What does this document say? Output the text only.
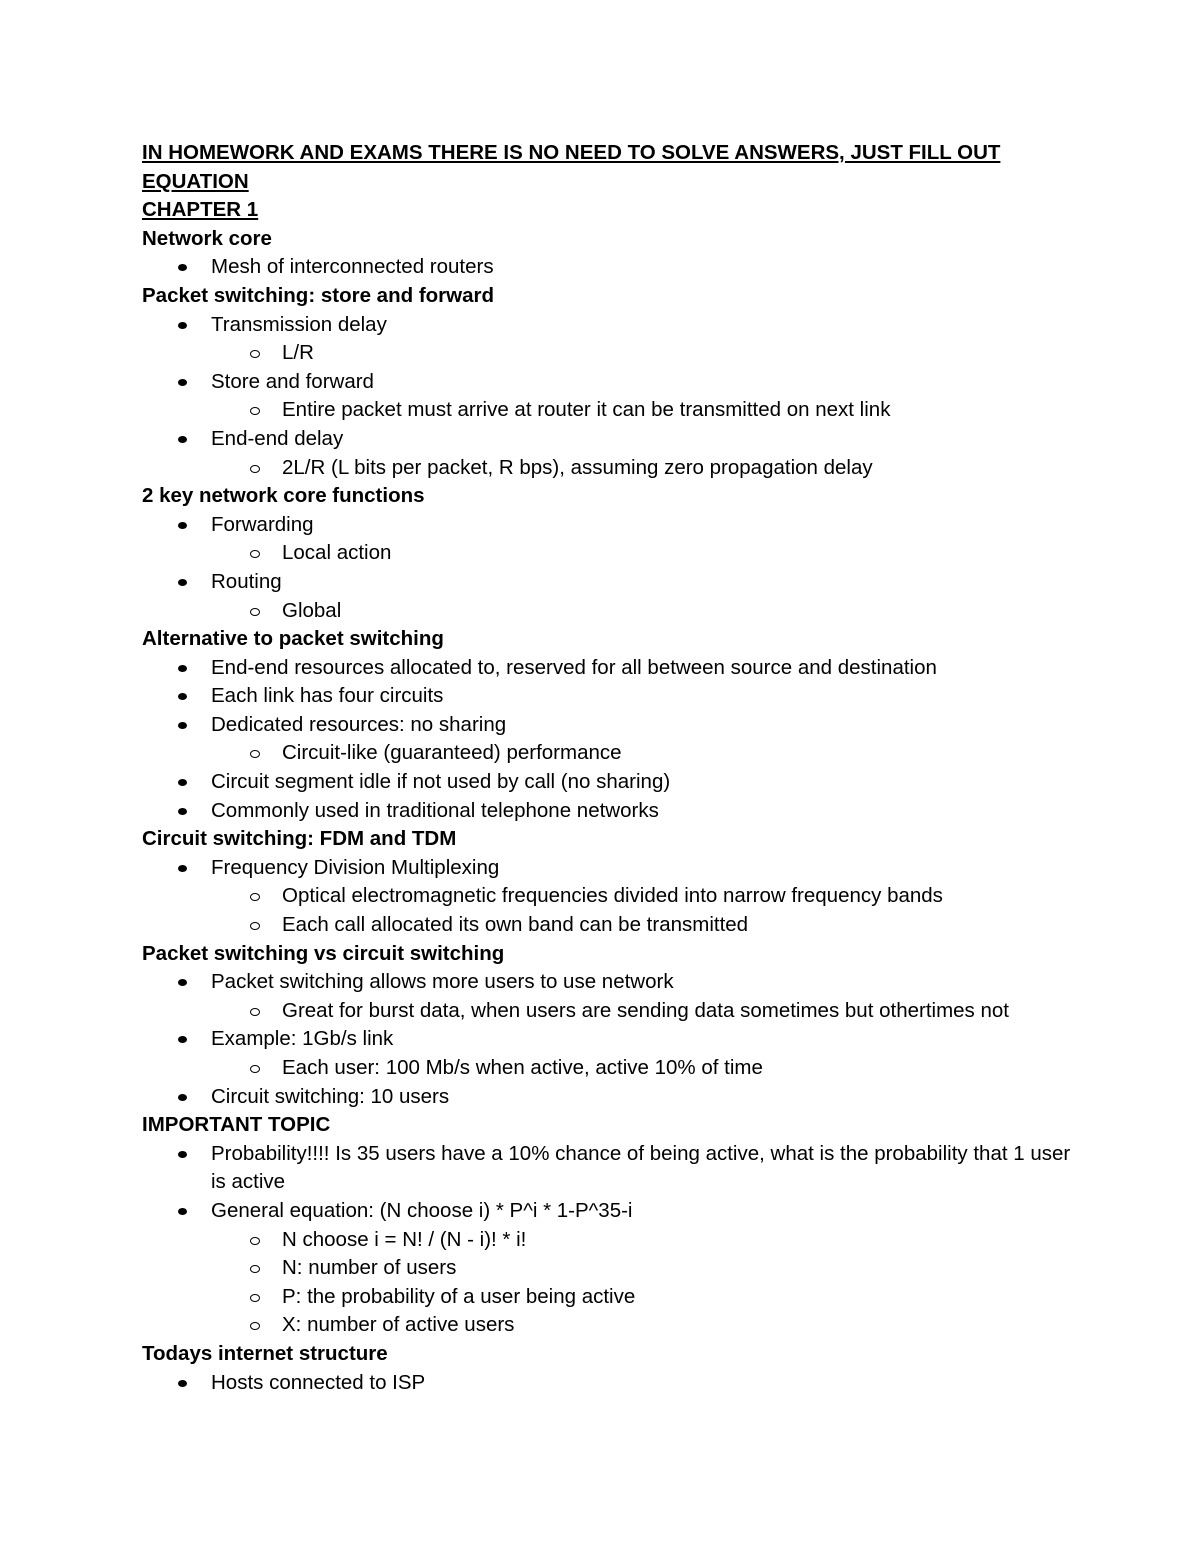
IN HOMEWORK AND EXAMS THERE IS NO NEED TO SOLVE ANSWERS, JUST FILL OUT EQUATION

CHAPTER 1

Network core

Mesh of interconnected routers

Packet switching: store and forward

Transmission delay
L/R
Store and forward
Entire packet must arrive at router it can be transmitted on next link
End-end delay
2L/R (L bits per packet, R bps), assuming zero propagation delay

2 key network core functions

Forwarding
Local action
Routing
Global

Alternative to packet switching

End-end resources allocated to, reserved for all between source and destination
Each link has four circuits
Dedicated resources: no sharing
Circuit-like (guaranteed) performance
Circuit segment idle if not used by call (no sharing)
Commonly used in traditional telephone networks

Circuit switching: FDM and TDM

Frequency Division Multiplexing
Optical electromagnetic frequencies divided into narrow frequency bands
Each call allocated its own band can be transmitted

Packet switching vs circuit switching

Packet switching allows more users to use network
Great for burst data, when users are sending data sometimes but othertimes not
Example: 1Gb/s link
Each user: 100 Mb/s when active, active 10% of time
Circuit switching: 10 users

IMPORTANT TOPIC

Probability!!!! Is 35 users have a 10% chance of being active, what is the probability that 1 user is active
General equation: (N choose i) * P^i * 1-P^35-i
N choose i = N! / (N - i)! * i!
N: number of users
P: the probability of a user being active
X: number of active users

Todays internet structure

Hosts connected to ISP
